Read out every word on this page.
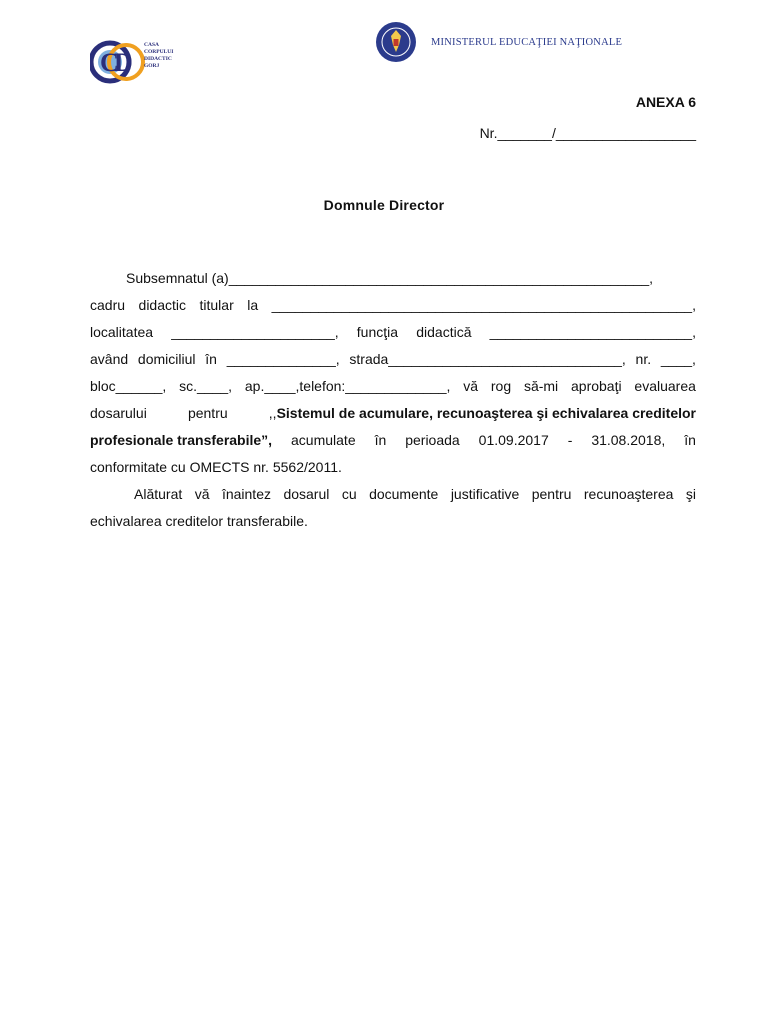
C
D
CASA
CORPULUI
DIDACTIC
GORJ
MINISTERUL EDUCAŢIEI NAŢIONALE
ANEXA 6
Nr._______/__________________
Domnule Director
Subsemnatul (a)______________________________________________________,
cadru didactic titular la ______________________________________________________,
localitatea _____________________, funcţia didactică __________________________,
având domiciliul în ______________, strada______________________________, nr. ____,
bloc______, sc.____, ap.____,telefon:_____________, vă rog să-mi aprobaţi evaluarea
dosarului	pentru	,,Sistemul de acumulare, recunoaşterea şi echivalarea creditelor
profesionale transferabile”, acumulate în perioada 01.09.2017 - 31.08.2018, în
conformitate cu OMECTS nr. 5562/2011.
Alăturat vă înaintez dosarul cu documente justificative pentru recunoaşterea şi
echivalarea creditelor transferabile.
